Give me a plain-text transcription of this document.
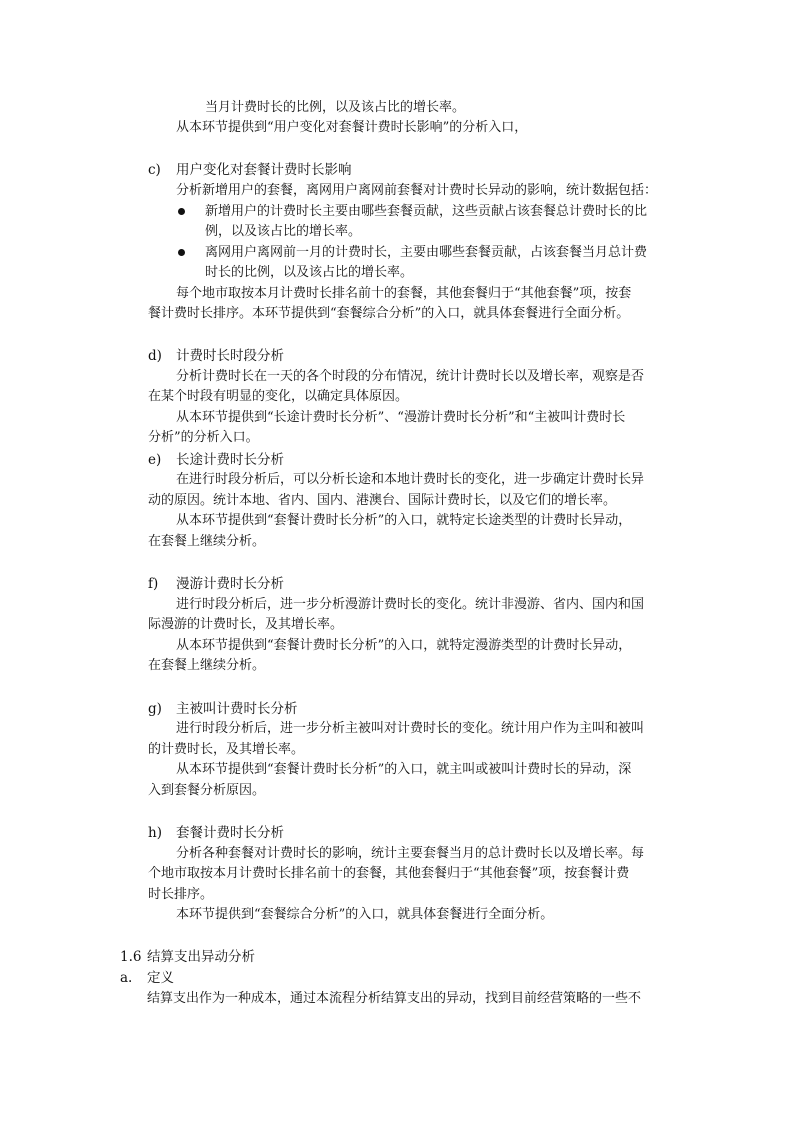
当月计费时长的比例，以及该占比的增长率。
从本环节提供到“用户变化对套餐计费时长影响”的分析入口，
c) 用户变化对套餐计费时长影响
分析新增用户的套餐，离网用户离网前套餐对计费时长异动的影响，统计数据包括：
新增用户的计费时长主要由哪些套餐贡献，这些贡献占该套餐总计费时长的比
例，以及该占比的增长率。
离网用户离网前一月的计费时长，主要由哪些套餐贡献，占该套餐当月总计费
时长的比例，以及该占比的增长率。
每个地市取按本月计费时长排名前十的套餐，其他套餐归于“其他套餐”项，按套
餐计费时长排序。本环节提供到“套餐综合分析”的入口，就具体套餐进行全面分析。
d) 计费时长时段分析
分析计费时长在一天的各个时段的分布情况，统计计费时长以及增长率，观察是否
在某个时段有明显的变化，以确定具体原因。
从本环节提供到“长途计费时长分析”、“漫游计费时长分析”和“主被叫计费时长
分析”的分析入口。
e) 长途计费时长分析
在进行时段分析后，可以分析长途和本地计费时长的变化，进一步确定计费时长异
动的原因。统计本地、省内、国内、港澳台、国际计费时长，以及它们的增长率。
从本环节提供到“套餐计费时长分析”的入口，就特定长途类型的计费时长异动，
在套餐上继续分析。
f) 漫游计费时长分析
进行时段分析后，进一步分析漫游计费时长的变化。统计非漫游、省内、国内和国
际漫游的计费时长，及其增长率。
从本环节提供到“套餐计费时长分析”的入口，就特定漫游类型的计费时长异动，
在套餐上继续分析。
g) 主被叫计费时长分析
进行时段分析后，进一步分析主被叫对计费时长的变化。统计用户作为主叫和被叫
的计费时长，及其增长率。
从本环节提供到“套餐计费时长分析”的入口，就主叫或被叫计费时长的异动，深
入到套餐分析原因。
h) 套餐计费时长分析
分析各种套餐对计费时长的影响，统计主要套餐当月的总计费时长以及增长率。每
个地市取按本月计费时长排名前十的套餐，其他套餐归于“其他套餐”项，按套餐计费
时长排序。
本环节提供到“套餐综合分析”的入口，就具体套餐进行全面分析。
1.6 结算支出异动分析
a. 定义
结算支出作为一种成本，通过本流程分析结算支出的异动，找到目前经营策略的一些不
